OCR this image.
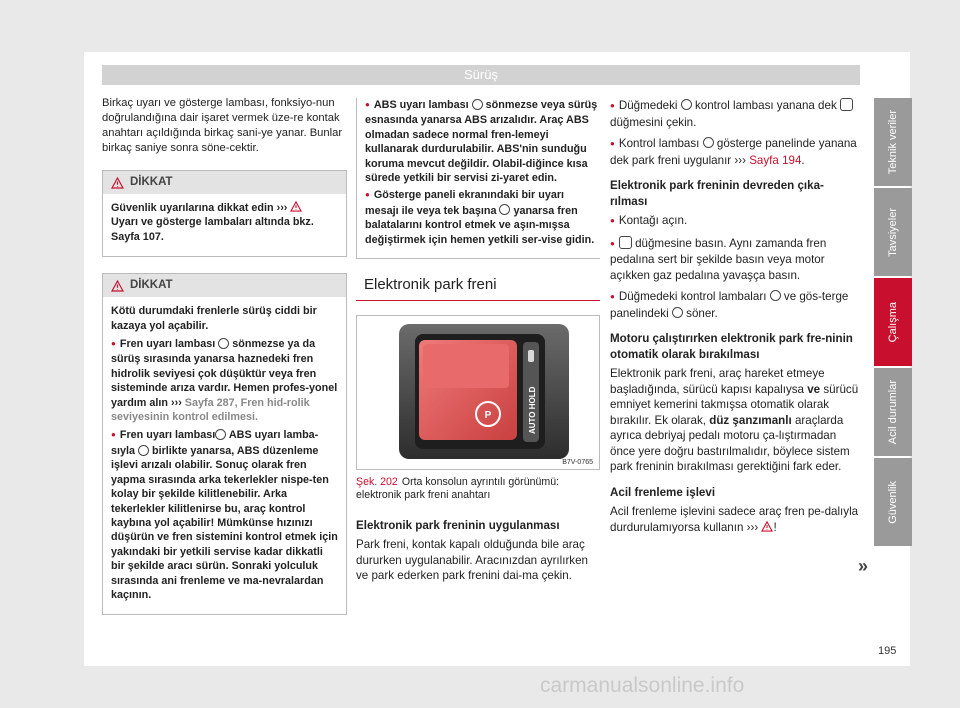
Sürüş

Birkaç uyarı ve gösterge lambası, fonksiyo-nun doğrulandığına dair işaret vermek üze-re kontak anahtarı açıldığında birkaç sani-ye yanar. Bunlar birkaç saniye sonra söne-cektir.

DİKKAT

Güvenlik uyarılarına dikkat edin ›››
Uyarı ve gösterge lambaları altında bkz. Sayfa 107.

DİKKAT

Kötü durumdaki frenlerle sürüş ciddi bir kazaya yol açabilir.

● Fren uyarı lambası sönmezse ya da sürüş sırasında yanarsa haznedeki fren hidrolik seviyesi çok düşüktür veya fren sisteminde arıza vardır. Hemen profes-yonel yardım alın ››› Sayfa 287, Fren hid-rolik seviyesinin kontrol edilmesi.

● Fren uyarı lambası ABS uyarı lamba-sıyla birlikte yanarsa, ABS düzenleme işlevi arızalı olabilir. Sonuç olarak fren yapma sırasında arka tekerlekler nispe-ten kolay bir şekilde kilitlenebilir. Arka tekerlekler kilitlenirse bu, araç kontrol kaybına yol açabilir! Mümkünse hızınızı düşürün ve fren sistemini kontrol etmek için yakındaki bir yetkili servise kadar dikkatli bir şekilde aracı sürün. Sonraki yolculuk sırasında ani frenleme ve ma-nevralardan kaçının.

● ABS uyarı lambası sönmezse veya sürüş esnasında yanarsa ABS arızalıdır. Araç ABS olmadan sadece normal fren-lemeyi kullanarak durdurulabilir. ABS'nin sunduğu koruma mevcut değildir. Olabil-diğince kısa sürede yetkili bir servisi zi-yaret edin.

● Gösterge paneli ekranındaki bir uyarı mesajı ile veya tek başına yanarsa fren balatalarını kontrol etmek ve aşın-mışsa değiştirmek için hemen yetkili ser-vise gidin.

Elektronik park freni
P	AUTO HOLD
B7V-0765

Şek. 202 Orta konsolun ayrıntılı görünümü: elektronik park freni anahtarı

Elektronik park freninin uygulanması

Park freni, kontak kapalı olduğunda bile araç dururken uygulanabilir. Aracınızdan ayrılırken ve park ederken park frenini dai-ma çekin.

● Düğmedeki kontrol lambası yanana dek  düğmesini çekin.

● Kontrol lambası gösterge panelinde yanana dek park freni uygulanır ››› Sayfa 194.

Elektronik park freninin devreden çıka-rılması

● Kontağı açın.

● düğmesine basın. Aynı zamanda fren pedalına sert bir şekilde basın veya motor açıkken gaz pedalına yavaşça basın.

● Düğmedeki kontrol lambaları ve gös-terge panelindeki söner.

Motoru çalıştırırken elektronik park fre-ninin otomatik olarak bırakılması

Elektronik park freni, araç hareket etmeye başladığında, sürücü kapısı kapalıysa ve sürücü emniyet kemerini takmışsa otomatik olarak bırakılır. Ek olarak, düz şanzımanlı araçlarda ayrıca debriyaj pedalı motoru ça-lıştırmadan önce yere doğru bastırılmalıdır, böylece sistem park freninin bırakılması gerektiğini fark eder.

Acil frenleme işlevi

Acil frenleme işlevini sadece araç fren pe-dalıyla durdurulamıyorsa kullanın ››› !

»
Teknik veriler
Tavsiyeler
Çalışma
Acil durumlar
Güvenlik
195
carmanualsonline.info
